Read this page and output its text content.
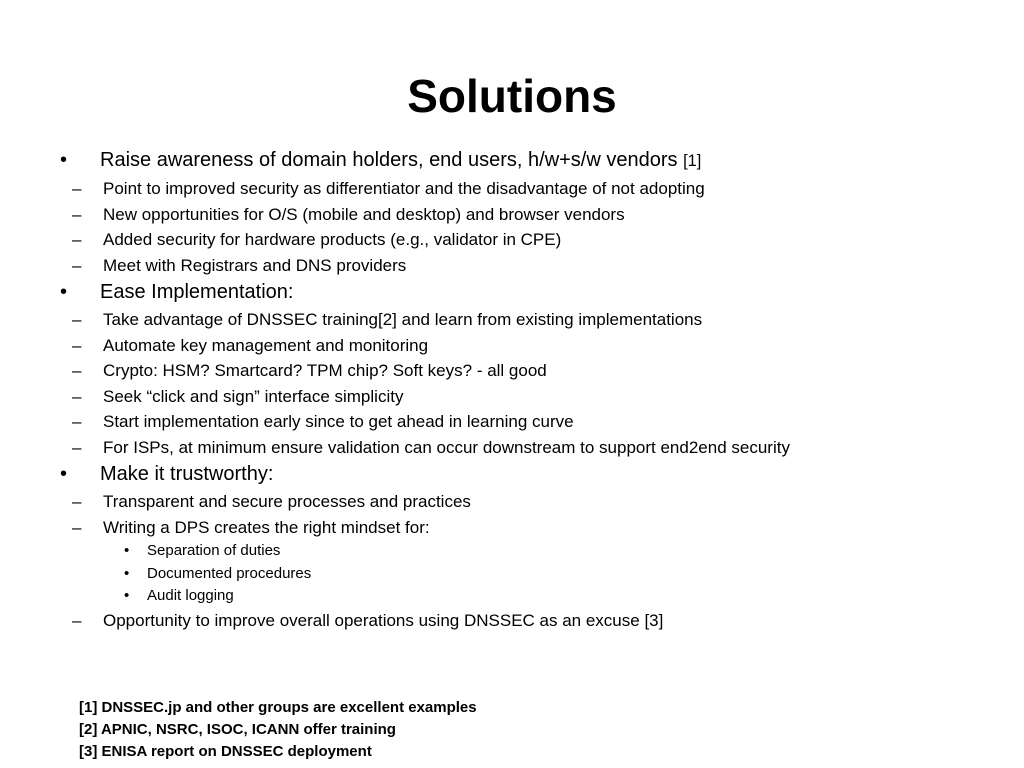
Solutions
• Raise awareness of domain holders, end users, h/w+s/w vendors [1]
– Point to improved security as differentiator and the disadvantage of not adopting
– New opportunities for O/S (mobile and desktop) and browser vendors
– Added security for hardware products (e.g., validator in CPE)
– Meet with Registrars and DNS providers
• Ease Implementation:
– Take advantage of DNSSEC training[2] and learn from existing implementations
– Automate key management and monitoring
– Crypto: HSM? Smartcard? TPM chip? Soft keys? - all good
– Seek “click and sign” interface simplicity
– Start implementation early since to get ahead in learning curve
– For ISPs, at minimum ensure validation can occur downstream to support end2end security
• Make it trustworthy:
– Transparent and secure processes and practices
– Writing a DPS creates the right mindset for:
• Separation of duties
• Documented procedures
• Audit logging
– Opportunity to improve overall operations using DNSSEC as an excuse [3]
[1] DNSSEC.jp and other groups are excellent examples
[2] APNIC, NSRC, ISOC, ICANN offer training
[3] ENISA report on DNSSEC deployment
